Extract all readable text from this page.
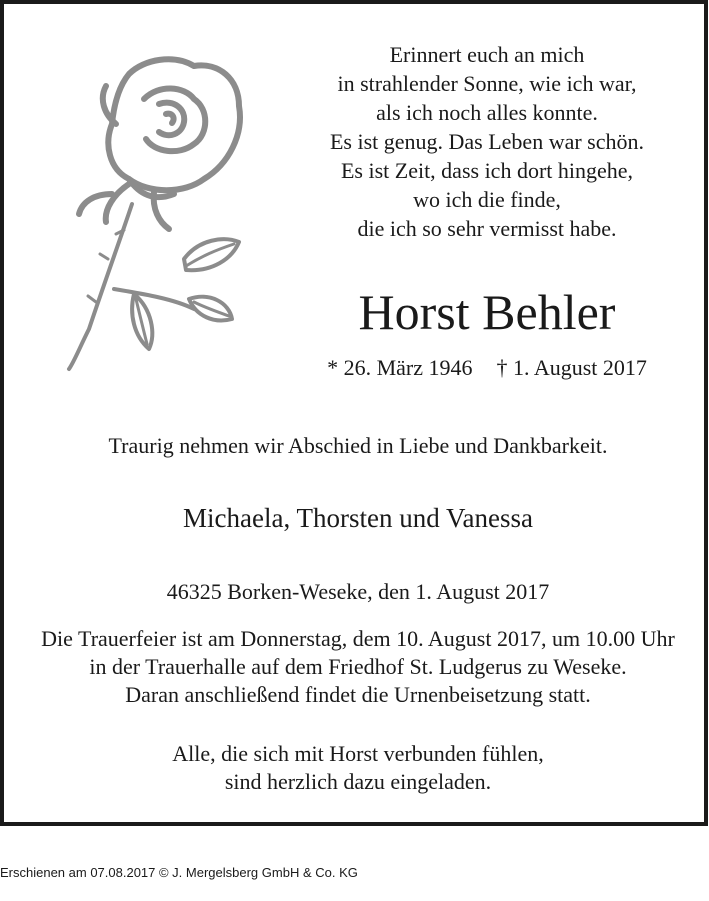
Erinnert euch an mich
in strahlender Sonne, wie ich war,
als ich noch alles konnte.
Es ist genug. Das Leben war schön.
Es ist Zeit, dass ich dort hingehe,
wo ich die finde,
die ich so sehr vermisst habe.
Horst Behler
* 26. März 1946 † 1. August 2017
Traurig nehmen wir Abschied in Liebe und Dankbarkeit.
Michaela, Thorsten und Vanessa
46325 Borken-Weseke, den 1. August 2017
Die Trauerfeier ist am Donnerstag, dem 10. August 2017, um 10.00 Uhr
in der Trauerhalle auf dem Friedhof St. Ludgerus zu Weseke.
Daran anschließend findet die Urnenbeisetzung statt.
Alle, die sich mit Horst verbunden fühlen,
sind herzlich dazu eingeladen.
Erschienen am 07.08.2017 © J. Mergelsberg GmbH & Co. KG
